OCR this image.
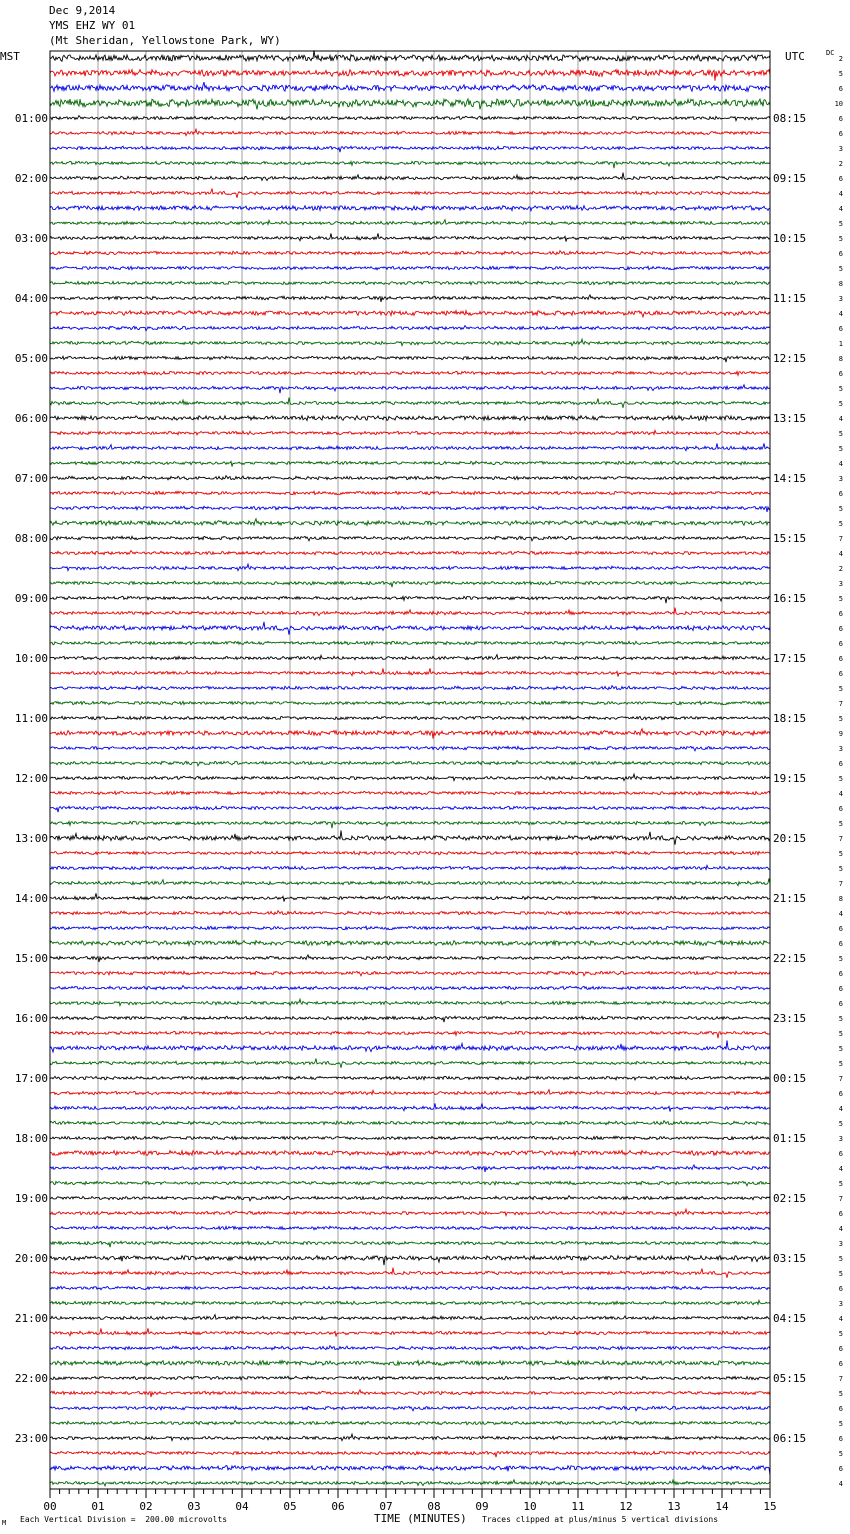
Dec 9,2014
YMS EHZ WY 01
(Mt Sheridan, Yellowstone Park, WY)
MST	UTC	DC
01:00
02:00
03:00
04:00
05:00
06:00
07:00
08:00
09:00
10:00
11:00
12:00
13:00
14:00
15:00
16:00
17:00
18:00
19:00
20:00
21:00
22:00
23:00
08:15
09:15
10:15
11:15
12:15
13:15
14:15
15:15
16:15
17:15
18:15
19:15
20:15
21:15
22:15
23:15
00:15
01:15
02:15
03:15
04:15
05:15
06:15
2
5
6
10
6
6
3
2
6
4
4
5
5
6
5
8
3
4
6
1
8
6
5
5
4
5
5
4
3
6
5
5
7
4
2
3
5
6
6
6
6
6
5
7
5
9
3
6
5
4
6
5
7
5
5
7
8
4
6
6
5
6
6
6
5
5
5
5
7
6
4
5
3
6
4
5
7
6
4
3
5
5
6
3
4
5
6
6
7
5
6
5
6
5
6
4
00	01	02	03	04	05	06	07	08	09	10	11	12	13	14	15
Each Vertical Division =  200.00 microvolts	TIME (MINUTES) Traces clipped at plus/minus 5 vertical divisions
M
